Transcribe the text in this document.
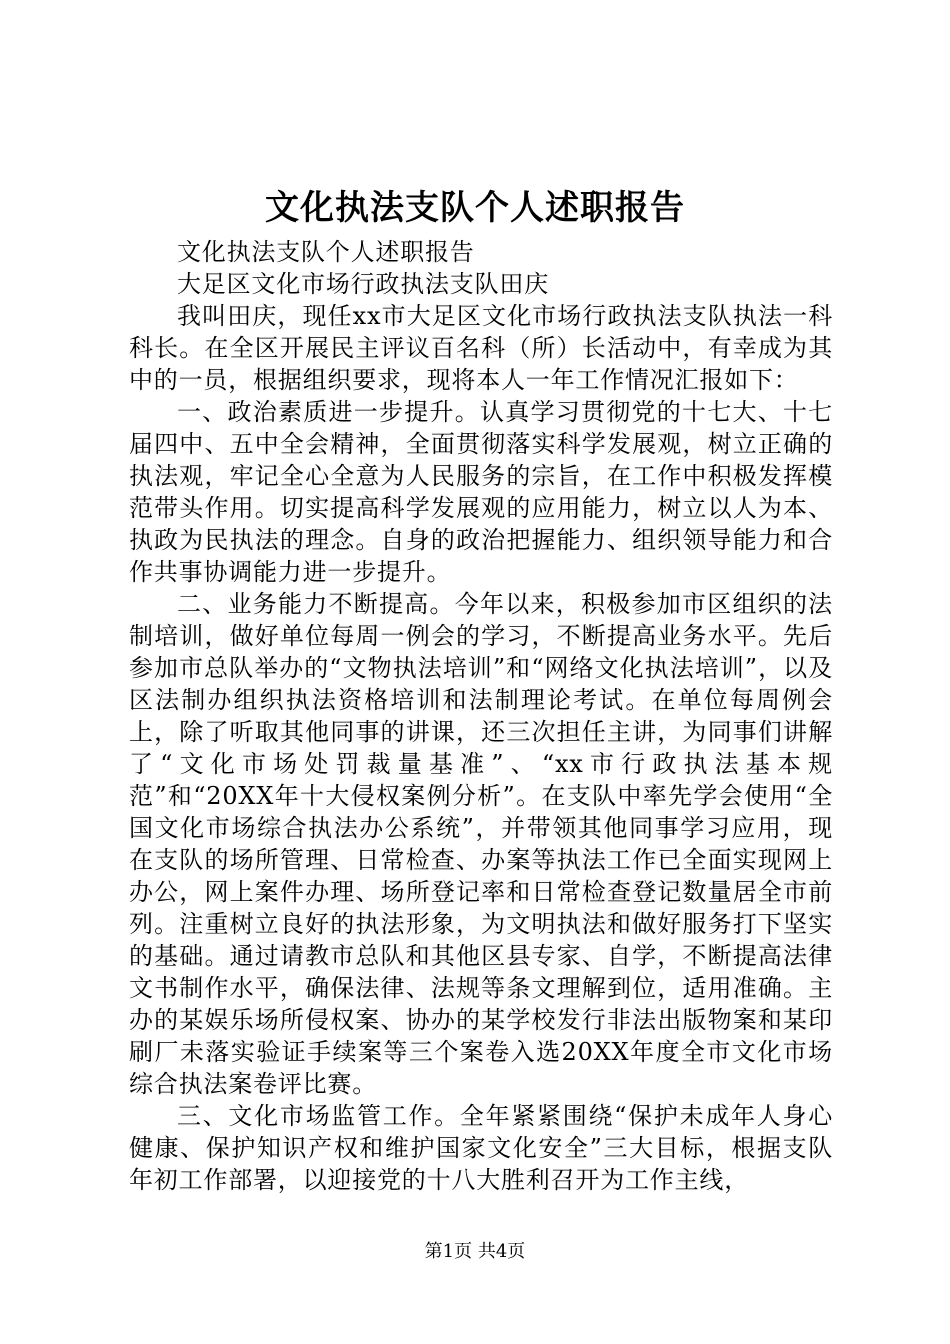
文化执法支队个人述职报告

文化执法支队个人述职报告

大足区文化市场行政执法支队田庆

我叫田庆，现任xx市大足区文化市场行政执法支队执法一科科长。在全区开展民主评议百名科（所）长活动中，有幸成为其中的一员，根据组织要求，现将本人一年工作情况汇报如下：

一、政治素质进一步提升。认真学习贯彻党的十七大、十七届四中、五中全会精神，全面贯彻落实科学发展观，树立正确的执法观，牢记全心全意为人民服务的宗旨，在工作中积极发挥模范带头作用。切实提高科学发展观的应用能力，树立以人为本、执政为民执法的理念。自身的政治把握能力、组织领导能力和合作共事协调能力进一步提升。

二、业务能力不断提高。今年以来，积极参加市区组织的法制培训，做好单位每周一例会的学习，不断提高业务水平。先后参加市总队举办的“文物执法培训”和“网络文化执法培训”，以及区法制办组织执法资格培训和法制理论考试。在单位每周例会上，除了听取其他同事的讲课，还三次担任主讲，为同事们讲解了“文化市场处罚裁量基准”、“xx市行政执法基本规范”和“20XX年十大侵权案例分析”。在支队中率先学会使用“全国文化市场综合执法办公系统”，并带领其他同事学习应用，现在支队的场所管理、日常检查、办案等执法工作已全面实现网上办公，网上案件办理、场所登记率和日常检查登记数量居全市前列。注重树立良好的执法形象，为文明执法和做好服务打下坚实的基础。通过请教市总队和其他区县专家、自学，不断提高法律文书制作水平，确保法律、法规等条文理解到位，适用准确。主办的某娱乐场所侵权案、协办的某学校发行非法出版物案和某印刷厂未落实验证手续案等三个案卷入选20XX年度全市文化市场综合执法案卷评比赛。

三、文化市场监管工作。全年紧紧围绕“保护未成年人身心健康、保护知识产权和维护国家文化安全”三大目标，根据支队年初工作部署，以迎接党的十八大胜利召开为工作主线，

第1页 共4页
